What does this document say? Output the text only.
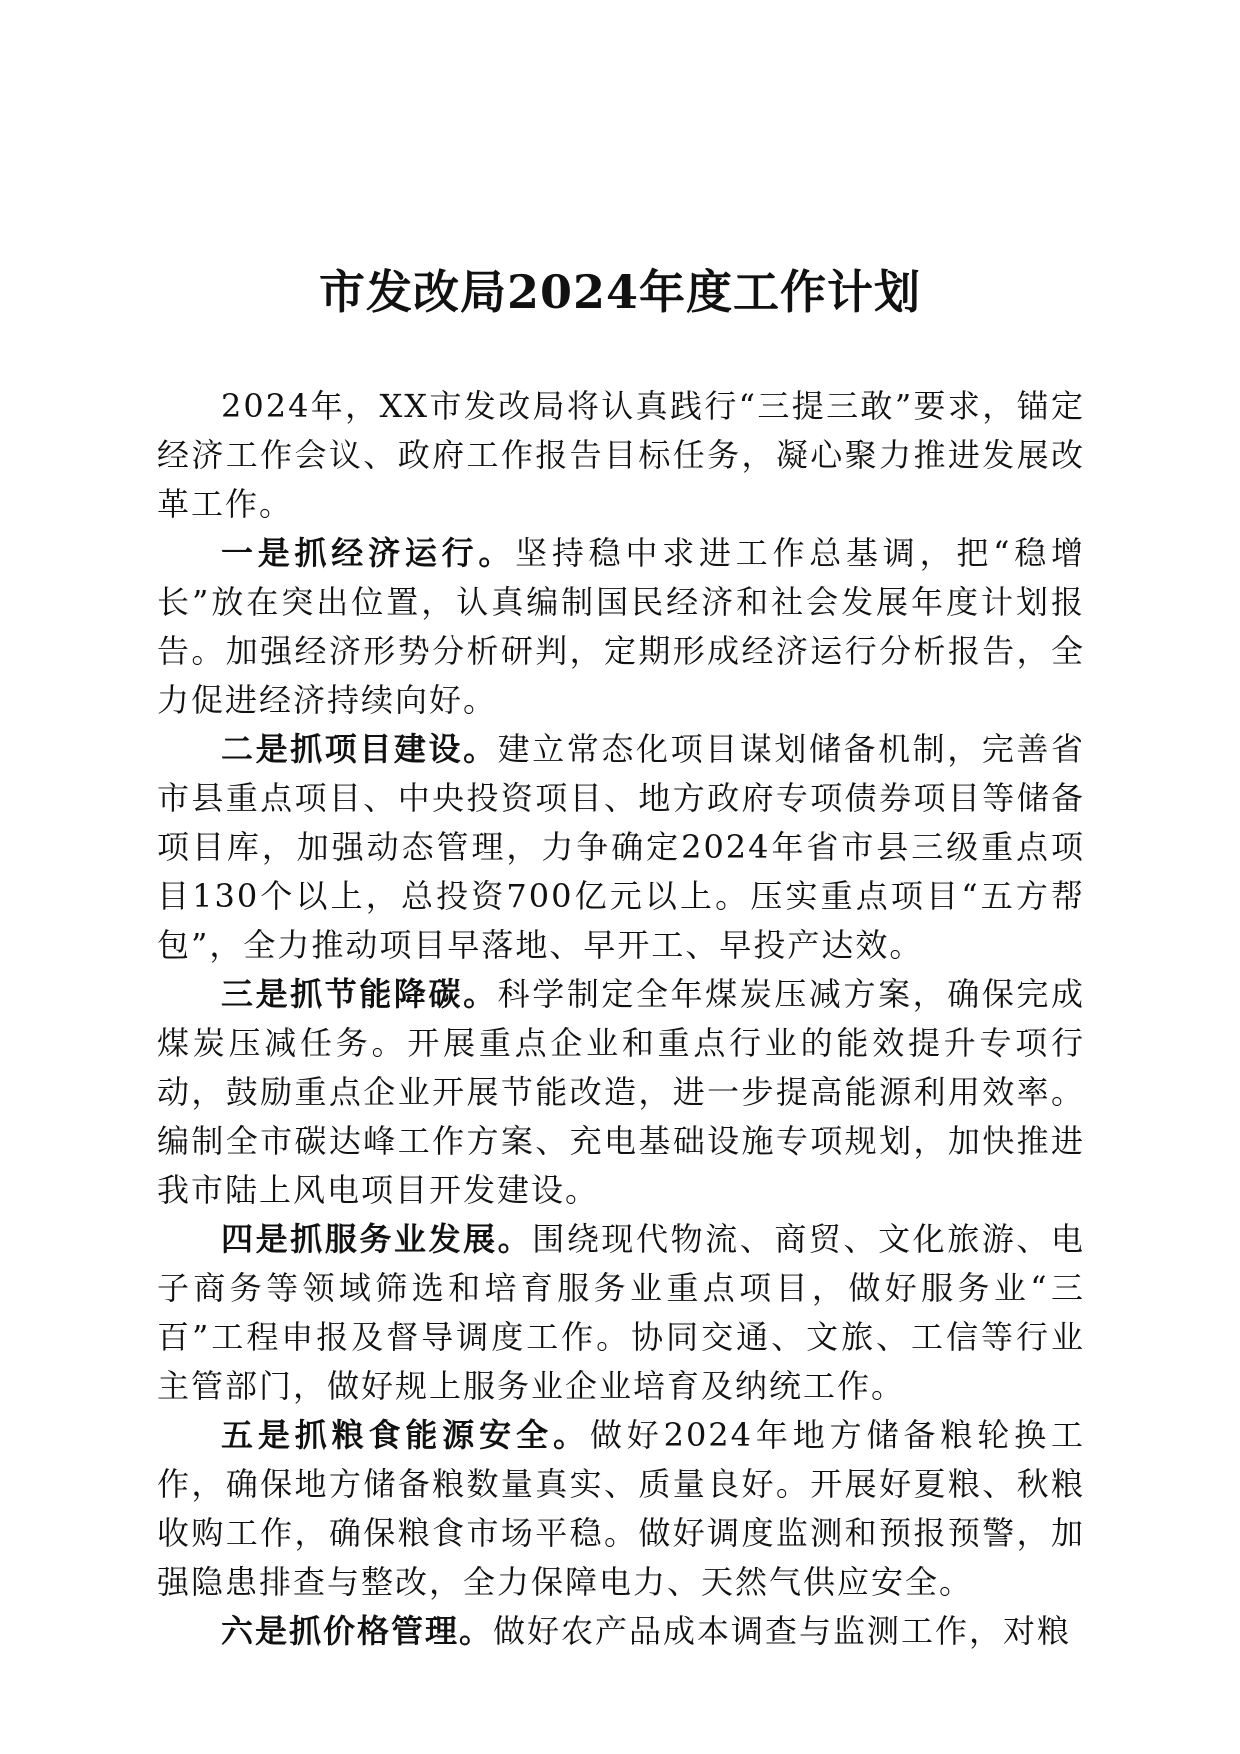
市发改局2024年度工作计划

2024年，XX市发改局将认真践行“三提三敢”要求，锚定经济工作会议、政府工作报告目标任务，凝心聚力推进发展改革工作。

一是抓经济运行。坚持稳中求进工作总基调，把“稳增长”放在突出位置，认真编制国民经济和社会发展年度计划报告。加强经济形势分析研判，定期形成经济运行分析报告，全力促进经济持续向好。

二是抓项目建设。建立常态化项目谋划储备机制，完善省市县重点项目、中央投资项目、地方政府专项债券项目等储备项目库，加强动态管理，力争确定2024年省市县三级重点项目130个以上，总投资700亿元以上。压实重点项目“五方帮包”，全力推动项目早落地、早开工、早投产达效。

三是抓节能降碳。科学制定全年煤炭压减方案，确保完成煤炭压减任务。开展重点企业和重点行业的能效提升专项行动，鼓励重点企业开展节能改造，进一步提高能源利用效率。编制全市碳达峰工作方案、充电基础设施专项规划，加快推进我市陆上风电项目开发建设。

四是抓服务业发展。围绕现代物流、商贸、文化旅游、电子商务等领域筛选和培育服务业重点项目，做好服务业“三百”工程申报及督导调度工作。协同交通、文旅、工信等行业主管部门，做好规上服务业企业培育及纳统工作。

五是抓粮食能源安全。做好2024年地方储备粮轮换工作，确保地方储备粮数量真实、质量良好。开展好夏粮、秋粮收购工作，确保粮食市场平稳。做好调度监测和预报预警，加强隐患排查与整改，全力保障电力、天然气供应安全。

六是抓价格管理。做好农产品成本调查与监测工作，对粮
